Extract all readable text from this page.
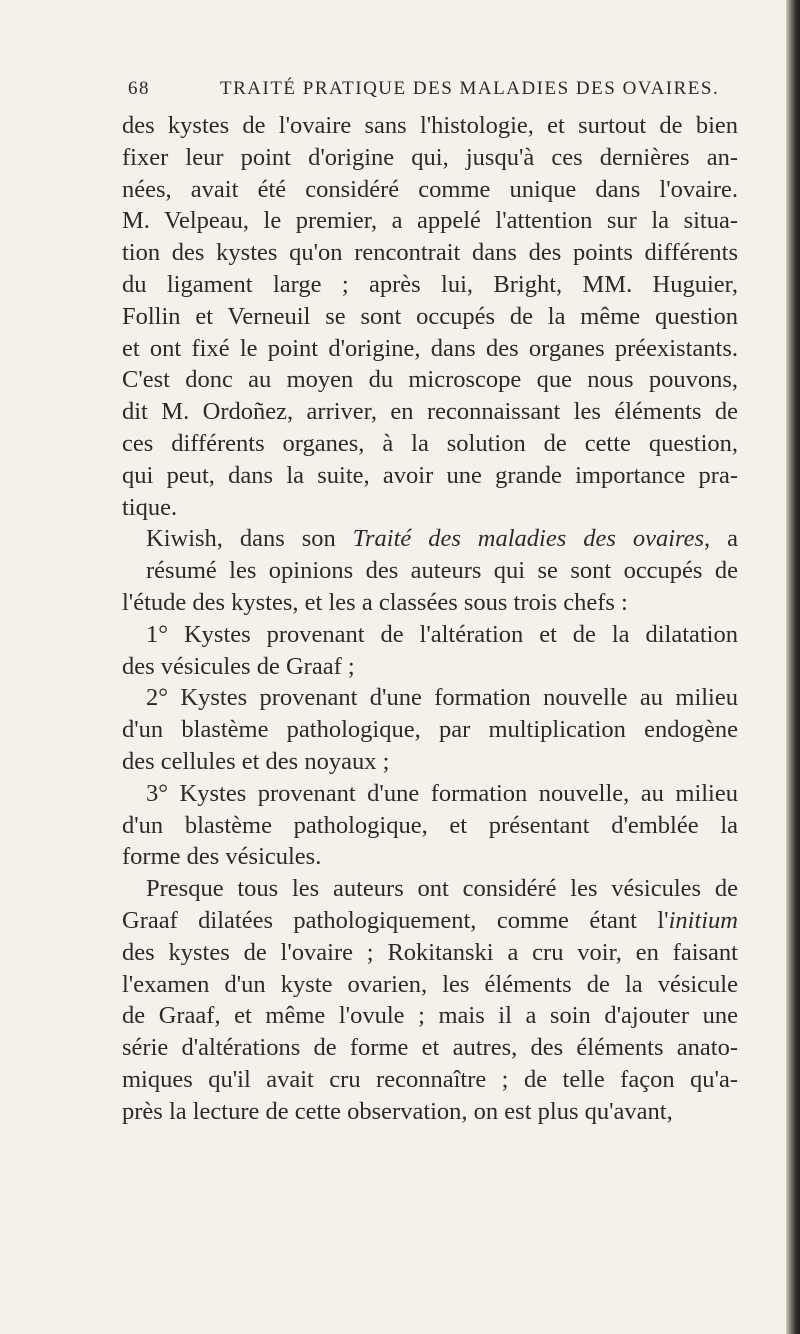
68	TRAITÉ PRATIQUE DES MALADIES DES OVAIRES.

des kystes de l'ovaire sans l'histologie, et surtout de bien
fixer leur point d'origine qui, jusqu'à ces dernières an-
nées, avait été considéré comme unique dans l'ovaire.
M. Velpeau, le premier, a appelé l'attention sur la situa-
tion des kystes qu'on rencontrait dans des points différents
du ligament large ; après lui, Bright, MM. Huguier,
Follin et Verneuil se sont occupés de la même question
et ont fixé le point d'origine, dans des organes préexistants.
C'est donc au moyen du microscope que nous pouvons,
dit M. Ordoñez, arriver, en reconnaissant les éléments de
ces différents organes, à la solution de cette question,
qui peut, dans la suite, avoir une grande importance pra-

tique.

Kiwish, dans son Traité des maladies des ovaires, a
résumé les opinions des auteurs qui se sont occupés de

l'étude des kystes, et les a classées sous trois chefs :

1° Kystes provenant de l'altération et de la dilatation

des vésicules de Graaf ;

2° Kystes provenant d'une formation nouvelle au milieu

d'un blastème pathologique, par multiplication endogène

des cellules et des noyaux ;

3° Kystes provenant d'une formation nouvelle, au milieu

d'un blastème pathologique, et présentant d'emblée la

forme des vésicules.

Presque tous les auteurs ont considéré les vésicules de

Graaf dilatées pathologiquement, comme étant l'initium
des kystes de l'ovaire ; Rokitanski a cru voir, en faisant
l'examen d'un kyste ovarien, les éléments de la vésicule
de Graaf, et même l'ovule ; mais il a soin d'ajouter une
série d'altérations de forme et autres, des éléments anato-
miques qu'il avait cru reconnaître ; de telle façon qu'a-

près la lecture de cette observation, on est plus qu'avant,
